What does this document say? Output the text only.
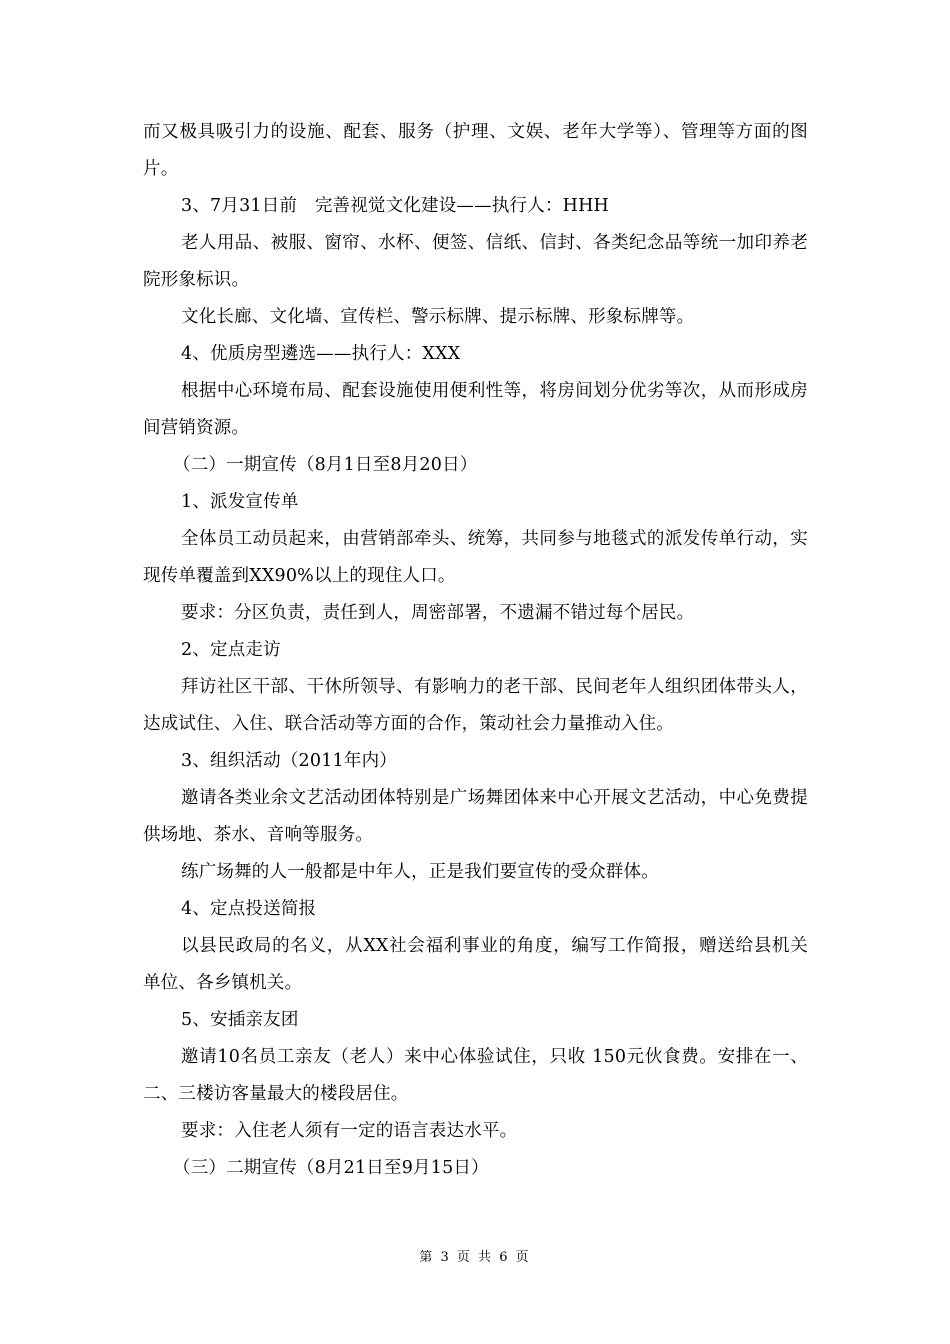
而又极具吸引力的设施、配套、服务（护理、文娱、老年大学等）、管理等方面的图片。

3、7月31日前　完善视觉文化建设——执行人：HHH

老人用品、被服、窗帘、水杯、便签、信纸、信封、各类纪念品等统一加印养老院形象标识。

文化长廊、文化墙、宣传栏、警示标牌、提示标牌、形象标牌等。

4、优质房型遴选——执行人：XXX

根据中心环境布局、配套设施使用便利性等，将房间划分优劣等次，从而形成房间营销资源。

（二）一期宣传（8月1日至8月20日）

1、派发宣传单

全体员工动员起来，由营销部牵头、统筹，共同参与地毯式的派发传单行动，实现传单覆盖到XX90%以上的现住人口。

要求：分区负责，责任到人，周密部署，不遗漏不错过每个居民。

2、定点走访

拜访社区干部、干休所领导、有影响力的老干部、民间老年人组织团体带头人，达成试住、入住、联合活动等方面的合作，策动社会力量推动入住。

3、组织活动（2011年内）

邀请各类业余文艺活动团体特别是广场舞团体来中心开展文艺活动，中心免费提供场地、茶水、音响等服务。

练广场舞的人一般都是中年人，正是我们要宣传的受众群体。

4、定点投送简报

以县民政局的名义，从XX社会福利事业的角度，编写工作简报，赠送给县机关单位、各乡镇机关。

5、安插亲友团

邀请10名员工亲友（老人）来中心体验试住，只收 150元伙食费。安排在一、二、三楼访客量最大的楼段居住。

要求：入住老人须有一定的语言表达水平。

（三）二期宣传（8月21日至9月15日）

第 3 页 共 6 页
